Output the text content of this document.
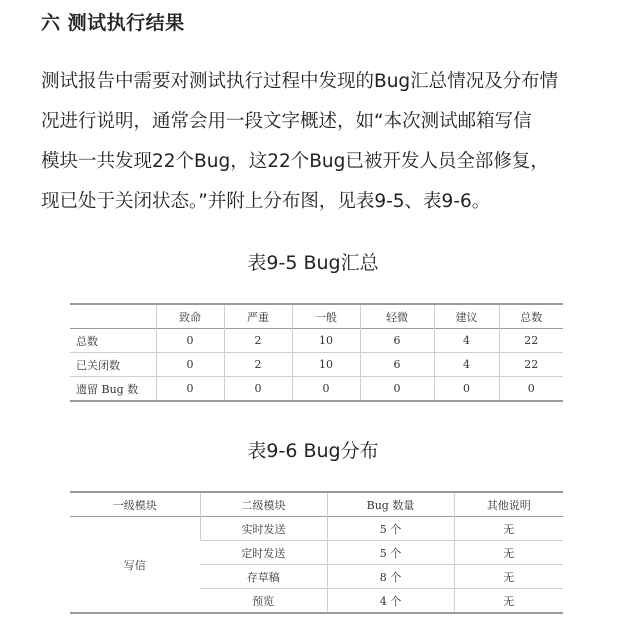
六 测试执行结果
测试报告中需要对测试执行过程中发现的Bug汇总情况及分布情
况进行说明，通常会用一段文字概述，如“本次测试邮箱写信
模块一共发现22个Bug，这22个Bug已被开发人员全部修复，
现已处于关闭状态。”并附上分布图，见表9-5、表9-6。
表9-5 Bug汇总
	致命	严重	一般	轻微	建议	总数
总数	0	2	10	6	4	22
已关闭数	0	2	10	6	4	22
遗留 Bug 数	0	0	0	0	0	0
表9-6 Bug分布
一级模块	二级模块	Bug 数量	其他说明
写信	实时发送	5 个	无
	定时发送	5 个	无
	存草稿	8 个	无
	预览	4 个	无
